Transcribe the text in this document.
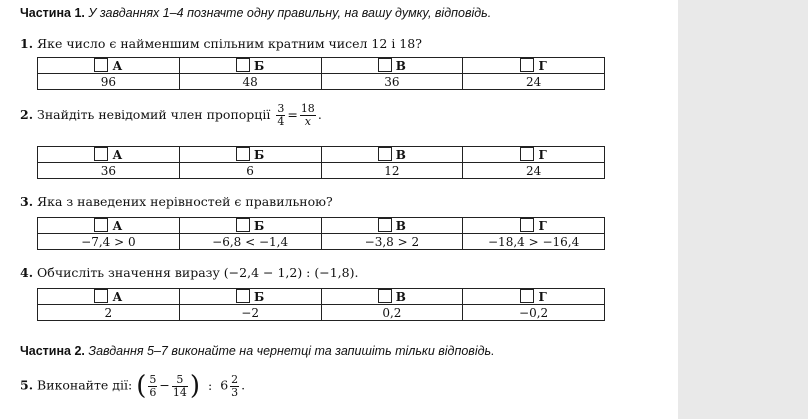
Частина 1. У завданнях 1–4 позначте одну правильну, на вашу думку, відповідь.
1. Яке число є найменшим спільним кратним чисел 12 і 18?
А	Б	В	Г
96	48	36	24
2. Знайдіть невідомий член пропорції $\frac{3}{4} = \frac{18}{x}$ .
А	Б	В	Г
36	6	12	24
3. Яка з наведених нерівностей є правильною?
А	Б	В	Г
−7,4 > 0	−6,8 < −1,4	−3,8 > 2	−18,4 > −16,4
4. Обчисліть значення виразу (−2,4 − 1,2) : (−1,8).
А	Б	В	Г
2	−2	0,2	−0,2
Частина 2. Завдання 5–7 виконайте на чернетці та запишіть тільки відповідь.
5. Виконайте дії: ( $\frac{5}{6} - \frac{5}{14}$ ) : $6 \frac{2}{3}$ .
